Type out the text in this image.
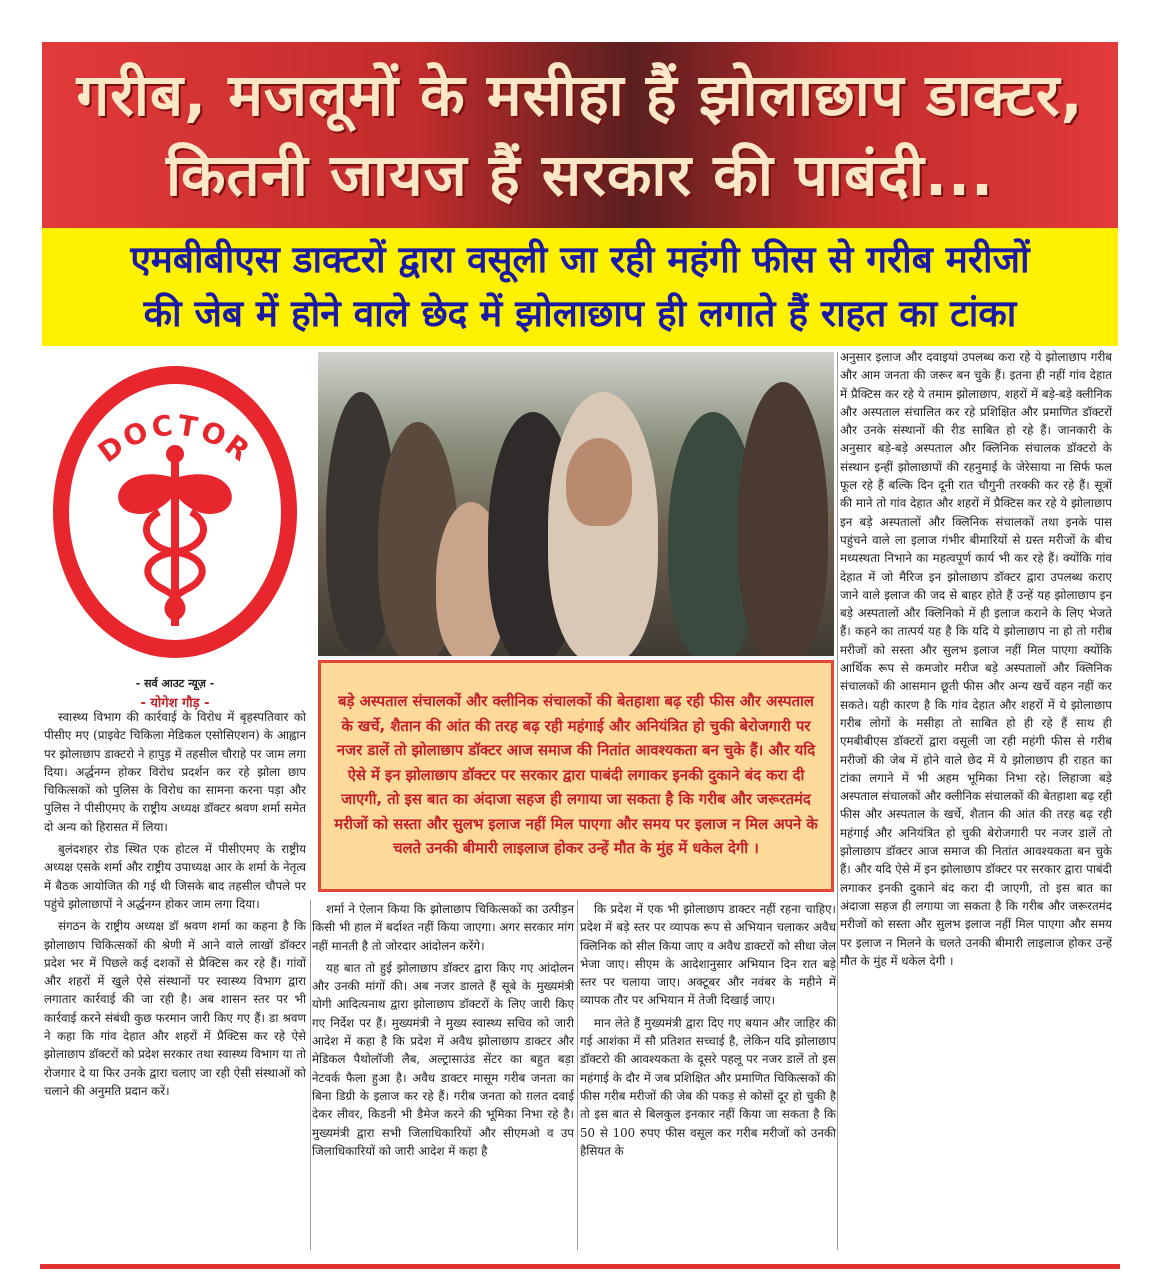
गरीब, मजलूमों के मसीहा हैं झोलाछाप डाक्टर,
कितनी जायज हैं सरकार की पाबंदी...
एमबीबीएस डाक्टरों द्वारा वसूली जा रही महंगी फीस से गरीब मरीजों
की जेब में होने वाले छेद में झोलाछाप ही लगाते हैं राहत का टांका
DOCTOR
- सर्व आउट न्यूज़ -
- योगेश गौड़ -	बड़े अस्पताल संचालकों और क्लीनिक संचालकों की बेतहाशा बढ़ रही फीस और अस्पताल के खर्चे, शैतान की आंत की तरह बढ़ रही महंगाई और अनियंत्रित हो चुकी बेरोजगारी पर नजर डालें तो झोलाछाप डॉक्टर आज समाज की नितांत आवश्यकता बन चुके हैं। और यदि ऐसे में इन झोलाछाप डॉक्टर पर सरकार द्वारा पाबंदी लगाकर इनकी दुकाने बंद करा दी जाएगी, तो इस बात का अंदाजा सहज ही लगाया जा सकता है कि गरीब और जरूरतमंद मरीजों को सस्ता और सुलभ इलाज नहीं मिल पाएगा और समय पर इलाज न मिल अपने के चलते उनकी बीमारी लाइलाज होकर उन्हें मौत के मुंह में धकेल देगी ।

स्वास्थ्य विभाग की कार्रवाई के विरोध में बृहस्पतिवार को पीसीए मए (प्राइवेट चिकिला मेडिकल एसोसिएशन) के आह्वान पर झोलाछाप डाक्टरो ने हापुड़ में तहसील चौराहे पर जाम लगा दिया। अर्द्धनग्न होकर विरोध प्रदर्शन कर रहे झोला छाप चिकित्सकों को पुलिस के विरोध का सामना करना पड़ा और पुलिस ने पीसीएमए के राष्ट्रीय अध्यक्ष डॉक्टर श्रवण शर्मा समेत दो अन्य को हिरासत में लिया।

बुलंदशहर रोड स्थित एक होटल में पीसीएमए के राष्ट्रीय अध्यक्ष एसके शर्मा और राष्ट्रीय उपाध्यक्ष आर के शर्मा के नेतृत्व में बैठक आयोजित की गई थी जिसके बाद तहसील चौपले पर पहुंचे झोलाछापों ने अर्द्धनग्न होकर जाम लगा दिया।

संगठन के राष्ट्रीय अध्यक्ष डॉ श्रवण शर्मा का कहना है कि झोलाछाप चिकित्सकों की श्रेणी में आने वाले लाखों डॉक्टर प्रदेश भर में पिछले कई दशकों से प्रैक्टिस कर रहे हैं। गांवों और शहरों में खुले ऐसे संस्थानों पर स्वास्थ्य विभाग द्वारा लगातार कार्रवाई की जा रही है। अब शासन स्तर पर भी कार्रवाई करने संबंधी कुछ फरमान जारी किए गए हैं। डा श्रवण ने कहा कि गांव देहात और शहरों में प्रैक्टिस कर रहे ऐसे झोलाछाप डॉक्टरों को प्रदेश सरकार तथा स्वास्थ्य विभाग या तो रोजगार दे या फिर उनके द्वारा चलाए जा रही ऐसी संस्थाओं को चलाने की अनुमति प्रदान करें।

शर्मा ने ऐलान किया कि झोलाछाप चिकित्सकों का उत्पीड़न किसी भी हाल में बर्दाश्त नहीं किया जाएगा। अगर सरकार मांग नहीं मानती है तो जोरदार आंदोलन करेंगे।

यह बात तो हुई झोलाछाप डॉक्टर द्वारा किए गए आंदोलन और उनकी मांगों की। अब नजर डालते हैं सूबे के मुख्यमंत्री योगी आदित्यनाथ द्वारा झोलाछाप डॉक्टरों के लिए जारी किए गए निर्देश पर हैं। मुख्यमंत्री ने मुख्य स्वास्थ्य सचिव को जारी आदेश में कहा है कि प्रदेश में अवैध झोलाछाप डाक्टर और मेडिकल पैथोलॉजी लैब, अल्ट्रासाउंड सेंटर का बहुत बड़ा नेटवर्क फैला हुआ है। अवैध डाक्टर मासूम गरीब जनता का बिना डिग्री के इलाज कर रहे हैं। गरीब जनता को ग़लत दवाई देकर लीवर, किडनी भी डैमेज करने की भूमिका निभा रहे है। मुख्यमंत्री द्वारा सभी जिलाधिकारियों और सीएमओ व उप जिलाधिकारियों को जारी आदेश में कहा है

कि प्रदेश में एक भी झोलाछाप डाक्टर नहीं रहना चाहिए। प्रदेश में बड़े स्तर पर व्यापक रूप से अभियान चलाकर अवैध क्लिनिक को सील किया जाए व अवैध डाक्टरों को सीधा जेल भेजा जाए। सीएम के आदेशानुसार अभियान दिन रात बड़े स्तर पर चलाया जाए। अक्टूबर और नवंबर के महीने में व्यापक तौर पर अभियान में तेजी दिखाई जाए।

मान लेते हैं मुख्यमंत्री द्वारा दिए गए बयान और जाहिर की गई आशंका में सौ प्रतिशत सच्चाई है, लेकिन यदि झोलाछाप डॉक्टरो की आवश्यकता के दूसरे पहलू पर नजर डालें तो इस महंगाई के दौर में जब प्रशिक्षित और प्रमाणित चिकित्सकों की फीस गरीब मरीजों की जेब की पकड़ से कोसों दूर हो चुकी है तो इस बात से बिलकुल इनकार नहीं किया जा सकता है कि 50 से 100 रुपए फीस वसूल कर गरीब मरीजों को उनकी हैसियत के

अनुसार इलाज और दवाइयां उपलब्ध करा रहे ये झोलाछाप गरीब और आम जनता की जरूर बन चुके हैं। इतना ही नहीं गांव देहात में प्रैक्टिस कर रहे ये तमाम झोलाछाप, शहरों में बड़े-बड़े क्लीनिक और अस्पताल संचालित कर रहे प्रशिक्षित और प्रमाणित डॉक्टरों और उनके संस्थानों की रीड साबित हो रहे हैं। जानकारी के अनुसार बड़े-बड़े अस्पताल और क्लिनिक संचालक डॉक्टरो के संस्थान इन्हीं झोलाछापों की रहनुमाई के जेरेसाया ना सिर्फ फल फूल रहे हैं बल्कि दिन दूनी रात चौगुनी तरक्की कर रहे हैं। सूत्रों की माने तो गांव देहात और शहरों में प्रैक्टिस कर रहे ये झोलाछाप इन बड़े अस्पतालों और क्लिनिक संचालकों तथा इनके पास पहुंचने वाले ला इलाज गंभीर बीमारियों से ग्रस्त मरीजों के बीच मध्यस्थता निभाने का महत्वपूर्ण कार्य भी कर रहे हैं। क्योंकि गांव देहात में जो मैरिज इन झोलाछाप डॉक्टर द्वारा उपलब्ध कराए जाने वाले इलाज की जद से बाहर होते हैं उन्हें यह झोलाछाप इन बड़े अस्पतालों और क्लिनिको में ही इलाज कराने के लिए भेजते हैं। कहने का तात्पर्य यह है कि यदि ये झोलाछाप ना हो तो गरीब मरीजों को सस्ता और सुलभ इलाज नहीं मिल पाएगा क्योंकि आर्थिक रूप से कमजोर मरीज बड़े अस्पतालों और क्लिनिक संचालकों की आसमान छूती फीस और अन्य खर्चे वहन नहीं कर सकते। यही कारण है कि गांव देहात और शहरों में ये झोलाछाप गरीब लोगों के मसीहा तो साबित हो ही रहे हैं साथ ही एमबीबीएस डॉक्टरों द्वारा वसूली जा रही महंगी फीस से गरीब मरीजों की जेब में होने वाले छेद में ये झोलाछाप ही राहत का टांका लगाने में भी अहम भूमिका निभा रहे। लिहाजा बड़े अस्पताल संचालकों और क्लीनिक संचालकों की बेतहाशा बढ़ रही फीस और अस्पताल के खर्चे, शैतान की आंत की तरह बढ़ रही महंगाई और अनियंत्रित हो चुकी बेरोजगारी पर नजर डालें तो झोलाछाप डॉक्टर आज समाज की नितांत आवश्यकता बन चुके हैं। और यदि ऐसे में इन झोलाछाप डॉक्टर पर सरकार द्वारा पाबंदी लगाकर इनकी दुकाने बंद करा दी जाएगी, तो इस बात का अंदाजा सहज ही लगाया जा सकता है कि गरीब और जरूरतमंद मरीजों को सस्ता और सुलभ इलाज नहीं मिल पाएगा और समय पर इलाज न मिलने के चलते उनकी बीमारी लाइलाज होकर उन्हें मौत के मुंह में धकेल देगी ।
